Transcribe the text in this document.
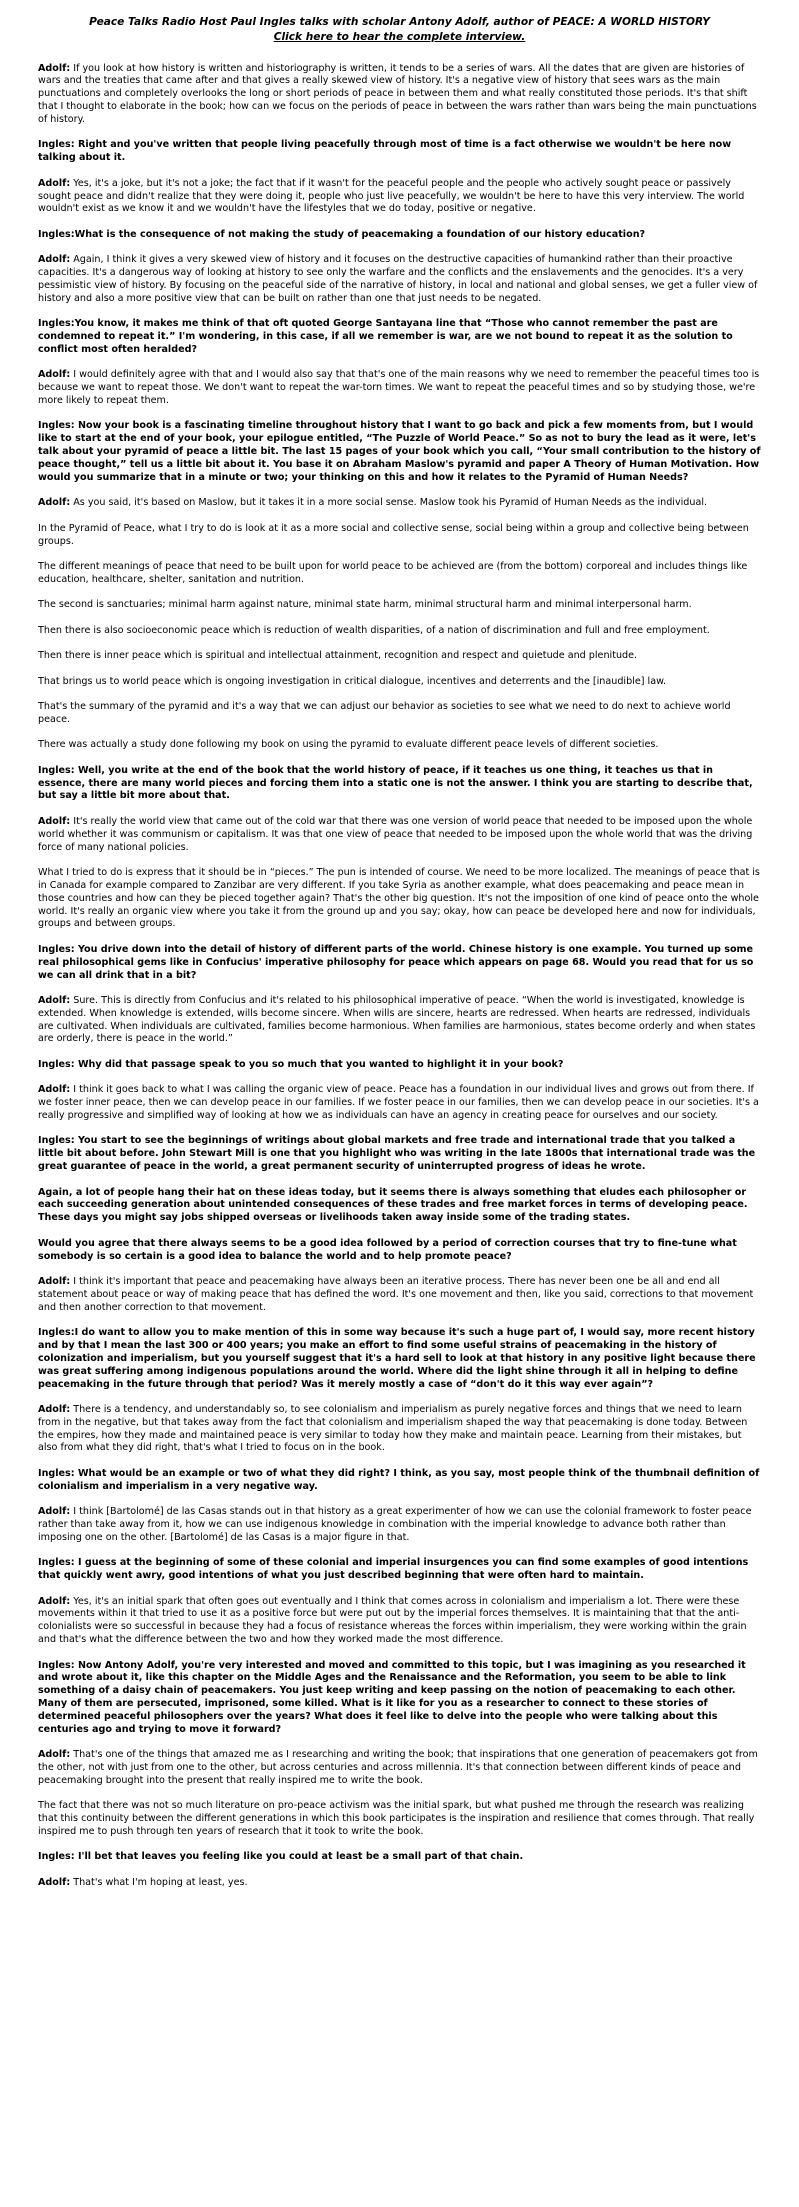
Peace Talks Radio Host Paul Ingles talks with scholar Antony Adolf, author of PEACE: A WORLD HISTORY
Click here to hear the complete interview.

Adolf: If you look at how history is written and historiography is written, it tends to be a series of wars. All the dates that are given are histories of wars and the treaties that came after and that gives a really skewed view of history. It's a negative view of history that sees wars as the main punctuations and completely overlooks the long or short periods of peace in between them and what really constituted those periods. It's that shift that I thought to elaborate in the book; how can we focus on the periods of peace in between the wars rather than wars being the main punctuations of history.

Ingles: Right and you've written that people living peacefully through most of time is a fact otherwise we wouldn't be here now talking about it.

Adolf: Yes, it's a joke, but it's not a joke; the fact that if it wasn't for the peaceful people and the people who actively sought peace or passively sought peace and didn't realize that they were doing it, people who just live peacefully, we wouldn't be here to have this very interview. The world wouldn't exist as we know it and we wouldn't have the lifestyles that we do today, positive or negative.

Ingles:What is the consequence of not making the study of peacemaking a foundation of our history education?

Adolf: Again, I think it gives a very skewed view of history and it focuses on the destructive capacities of humankind rather than their proactive capacities. It's a dangerous way of looking at history to see only the warfare and the conflicts and the enslavements and the genocides. It's a very pessimistic view of history. By focusing on the peaceful side of the narrative of history, in local and national and global senses, we get a fuller view of history and also a more positive view that can be built on rather than one that just needs to be negated.

Ingles:You know, it makes me think of that oft quoted George Santayana line that “Those who cannot remember the past are condemned to repeat it.” I'm wondering, in this case, if all we remember is war, are we not bound to repeat it as the solution to conflict most often heralded?

Adolf: I would definitely agree with that and I would also say that that's one of the main reasons why we need to remember the peaceful times too is because we want to repeat those. We don't want to repeat the war-torn times. We want to repeat the peaceful times and so by studying those, we're more likely to repeat them.

Ingles: Now your book is a fascinating timeline throughout history that I want to go back and pick a few moments from, but I would like to start at the end of your book, your epilogue entitled, “The Puzzle of World Peace.” So as not to bury the lead as it were, let's talk about your pyramid of peace a little bit. The last 15 pages of your book which you call, “Your small contribution to the history of peace thought,” tell us a little bit about it. You base it on Abraham Maslow's pyramid and paper A Theory of Human Motivation. How would you summarize that in a minute or two; your thinking on this and how it relates to the Pyramid of Human Needs?

Adolf: As you said, it's based on Maslow, but it takes it in a more social sense. Maslow took his Pyramid of Human Needs as the individual.

In the Pyramid of Peace, what I try to do is look at it as a more social and collective sense, social being within a group and collective being between groups.

The different meanings of peace that need to be built upon for world peace to be achieved are (from the bottom) corporeal and includes things like education, healthcare, shelter, sanitation and nutrition.

The second is sanctuaries; minimal harm against nature, minimal state harm, minimal structural harm and minimal interpersonal harm.

Then there is also socioeconomic peace which is reduction of wealth disparities, of a nation of discrimination and full and free employment.

Then there is inner peace which is spiritual and intellectual attainment, recognition and respect and quietude and plenitude.

That brings us to world peace which is ongoing investigation in critical dialogue, incentives and deterrents and the [inaudible] law.

That's the summary of the pyramid and it's a way that we can adjust our behavior as societies to see what we need to do next to achieve world peace.

There was actually a study done following my book on using the pyramid to evaluate different peace levels of different societies.

Ingles: Well, you write at the end of the book that the world history of peace, if it teaches us one thing, it teaches us that in essence, there are many world pieces and forcing them into a static one is not the answer. I think you are starting to describe that, but say a little bit more about that.

Adolf: It's really the world view that came out of the cold war that there was one version of world peace that needed to be imposed upon the whole world whether it was communism or capitalism. It was that one view of peace that needed to be imposed upon the whole world that was the driving force of many national policies.

What I tried to do is express that it should be in “pieces.” The pun is intended of course. We need to be more localized. The meanings of peace that is in Canada for example compared to Zanzibar are very different. If you take Syria as another example, what does peacemaking and peace mean in those countries and how can they be pieced together again? That's the other big question. It's not the imposition of one kind of peace onto the whole world. It's really an organic view where you take it from the ground up and you say; okay, how can peace be developed here and now for individuals, groups and between groups.

Ingles: You drive down into the detail of history of different parts of the world. Chinese history is one example. You turned up some real philosophical gems like in Confucius' imperative philosophy for peace which appears on page 68. Would you read that for us so we can all drink that in a bit?

Adolf: Sure. This is directly from Confucius and it's related to his philosophical imperative of peace. “When the world is investigated, knowledge is extended. When knowledge is extended, wills become sincere. When wills are sincere, hearts are redressed. When hearts are redressed, individuals are cultivated. When individuals are cultivated, families become harmonious. When families are harmonious, states become orderly and when states are orderly, there is peace in the world.”

Ingles: Why did that passage speak to you so much that you wanted to highlight it in your book?

Adolf: I think it goes back to what I was calling the organic view of peace. Peace has a foundation in our individual lives and grows out from there. If we foster inner peace, then we can develop peace in our families. If we foster peace in our families, then we can develop peace in our societies. It's a really progressive and simplified way of looking at how we as individuals can have an agency in creating peace for ourselves and our society.

Ingles: You start to see the beginnings of writings about global markets and free trade and international trade that you talked a little bit about before. John Stewart Mill is one that you highlight who was writing in the late 1800s that international trade was the great guarantee of peace in the world, a great permanent security of uninterrupted progress of ideas he wrote.

Again, a lot of people hang their hat on these ideas today, but it seems there is always something that eludes each philosopher or each succeeding generation about unintended consequences of these trades and free market forces in terms of developing peace. These days you might say jobs shipped overseas or livelihoods taken away inside some of the trading states.

Would you agree that there always seems to be a good idea followed by a period of correction courses that try to fine-tune what somebody is so certain is a good idea to balance the world and to help promote peace?

Adolf: I think it's important that peace and peacemaking have always been an iterative process. There has never been one be all and end all statement about peace or way of making peace that has defined the word. It's one movement and then, like you said, corrections to that movement and then another correction to that movement.

Ingles:I do want to allow you to make mention of this in some way because it's such a huge part of, I would say, more recent history and by that I mean the last 300 or 400 years; you make an effort to find some useful strains of peacemaking in the history of colonization and imperialism, but you yourself suggest that it's a hard sell to look at that history in any positive light because there was great suffering among indigenous populations around the world. Where did the light shine through it all in helping to define peacemaking in the future through that period? Was it merely mostly a case of “don't do it this way ever again”?

Adolf: There is a tendency, and understandably so, to see colonialism and imperialism as purely negative forces and things that we need to learn from in the negative, but that takes away from the fact that colonialism and imperialism shaped the way that peacemaking is done today. Between the empires, how they made and maintained peace is very similar to today how they make and maintain peace. Learning from their mistakes, but also from what they did right, that's what I tried to focus on in the book.

Ingles: What would be an example or two of what they did right? I think, as you say, most people think of the thumbnail definition of colonialism and imperialism in a very negative way.

Adolf: I think [Bartolomé] de las Casas stands out in that history as a great experimenter of how we can use the colonial framework to foster peace rather than take away from it, how we can use indigenous knowledge in combination with the imperial knowledge to advance both rather than imposing one on the other. [Bartolomé] de las Casas is a major figure in that.

Ingles: I guess at the beginning of some of these colonial and imperial insurgences you can find some examples of good intentions that quickly went awry, good intentions of what you just described beginning that were often hard to maintain.

Adolf: Yes, it's an initial spark that often goes out eventually and I think that comes across in colonialism and imperialism a lot. There were these movements within it that tried to use it as a positive force but were put out by the imperial forces themselves. It is maintaining that that the anti-colonialists were so successful in because they had a focus of resistance whereas the forces within imperialism, they were working within the grain and that's what the difference between the two and how they worked made the most difference.

Ingles: Now Antony Adolf, you're very interested and moved and committed to this topic, but I was imagining as you researched it and wrote about it, like this chapter on the Middle Ages and the Renaissance and the Reformation, you seem to be able to link something of a daisy chain of peacemakers. You just keep writing and keep passing on the notion of peacemaking to each other. Many of them are persecuted, imprisoned, some killed. What is it like for you as a researcher to connect to these stories of determined peaceful philosophers over the years? What does it feel like to delve into the people who were talking about this centuries ago and trying to move it forward?

Adolf: That's one of the things that amazed me as I researching and writing the book; that inspirations that one generation of peacemakers got from the other, not with just from one to the other, but across centuries and across millennia. It's that connection between different kinds of peace and peacemaking brought into the present that really inspired me to write the book.

The fact that there was not so much literature on pro-peace activism was the initial spark, but what pushed me through the research was realizing that this continuity between the different generations in which this book participates is the inspiration and resilience that comes through. That really inspired me to push through ten years of research that it took to write the book.

Ingles: I'll bet that leaves you feeling like you could at least be a small part of that chain.

Adolf: That's what I'm hoping at least, yes.
